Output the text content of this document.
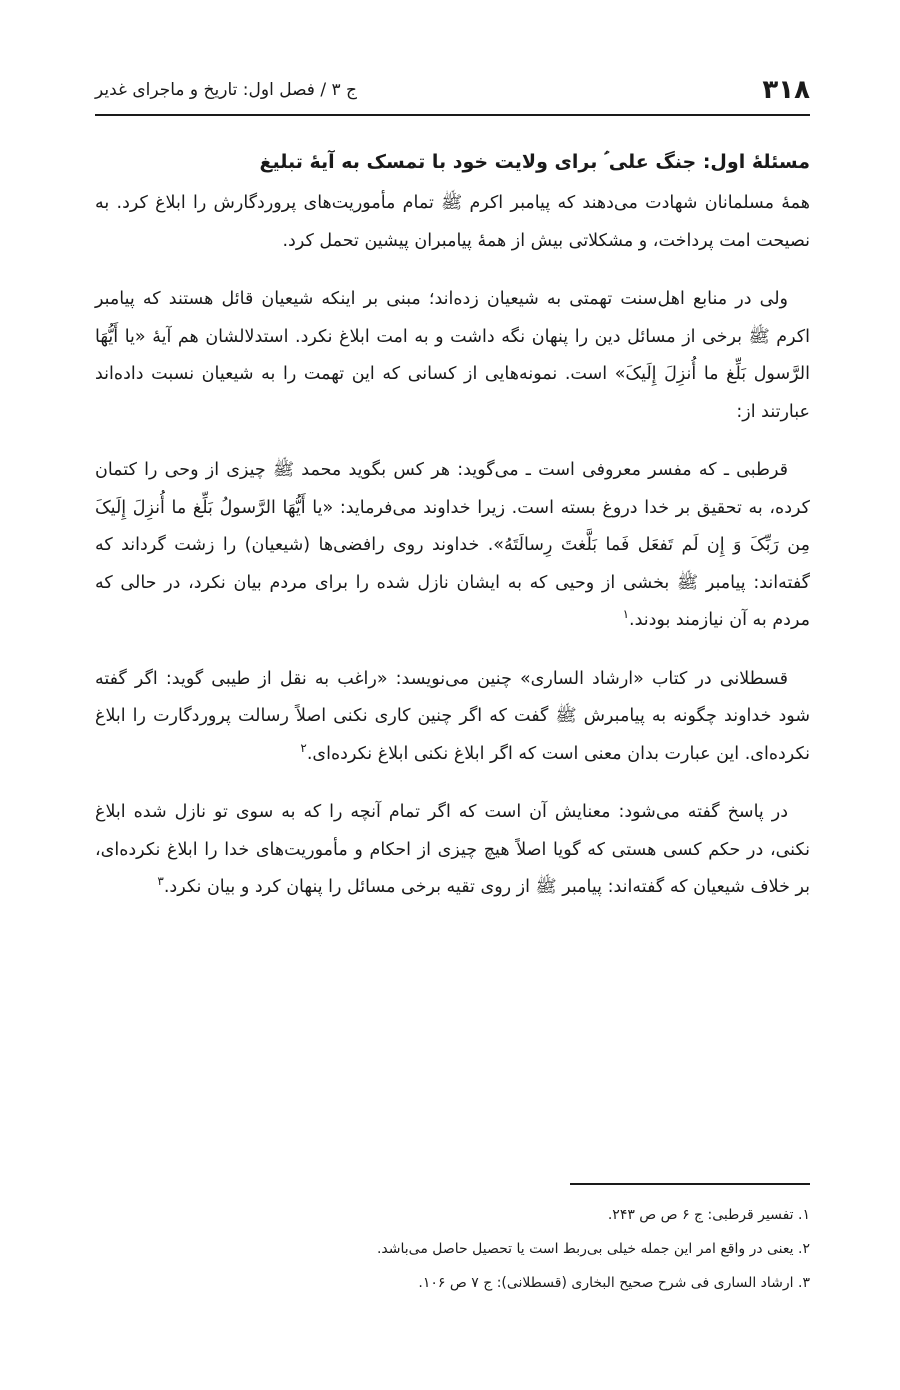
۳۱۸
ج ۳ / فصل اول: تاریخ و ماجرای غدیر
مسئلهٔ اول: جنگ علی ؑ برای ولایت خود با تمسک به آیهٔ تبلیغ

همهٔ مسلمانان شهادت می‌دهند که پیامبر اکرم ﷺ تمام مأموریت‌های پروردگارش را ابلاغ کرد. به نصیحت امت پرداخت، و مشکلاتی بیش از همهٔ پیامبران پیشین تحمل کرد.

ولی در منابع اهل‌سنت تهمتی به شیعیان زده‌اند؛ مبنی بر اینکه شیعیان قائل هستند که پیامبر اکرم ﷺ برخی از مسائل دین را پنهان نگه داشت و به امت ابلاغ نکرد. استدلالشان هم آیهٔ «یا أَیُّهَا الرَّسول بَلِّغ ما أُنزِلَ إِلَیکَ» است. نمونه‌هایی از کسانی که این تهمت را به شیعیان نسبت داده‌اند عبارتند از:

قرطبی ـ که مفسر معروفی است ـ می‌گوید: هر کس بگوید محمد ﷺ چیزی از وحی را کتمان کرده، به تحقیق بر خدا دروغ بسته است. زیرا خداوند می‌فرماید: «یا أَیُّهَا الرَّسولُ بَلِّغ ما أُنزِلَ إِلَیکَ مِن رَبِّکَ وَ إِن لَم تَفعَل فَما بَلَّغتَ رِسالَتَهُ». خداوند روی رافضی‌ها (شیعیان) را زشت گرداند که گفته‌اند: پیامبر ﷺ بخشی از وحیی که به ایشان نازل شده را برای مردم بیان نکرد، در حالی که مردم به آن نیازمند بودند.$^۱$

قسطلانی در کتاب «ارشاد الساری» چنین می‌نویسد: «راغب به نقل از طیبی گوید: اگر گفته شود خداوند چگونه به پیامبرش ﷺ گفت که اگر چنین کاری نکنی اصلاً رسالت پروردگارت را ابلاغ نکرده‌ای. این عبارت بدان معنی است که اگر ابلاغ نکنی ابلاغ نکرده‌ای.$^۲$

در پاسخ گفته می‌شود: معنایش آن است که اگر تمام آنچه را که به سوی تو نازل شده ابلاغ نکنی، در حکم کسی هستی که گویا اصلاً هیچ چیزی از احکام و مأموریت‌های خدا را ابلاغ نکرده‌ای، بر خلاف شیعیان که گفته‌اند: پیامبر ﷺ از روی تقیه برخی مسائل را پنهان کرد و بیان نکرد.$^۳$

۱. تفسیر قرطبی: ج ۶ ص ص ۲۴۳.

۲. یعنی در واقع امر این جمله خیلی بی‌ربط است یا تحصیل حاصل می‌باشد.

۳. ارشاد الساری فی شرح صحیح البخاری (قسطلانی): ج ۷ ص ۱۰۶.
